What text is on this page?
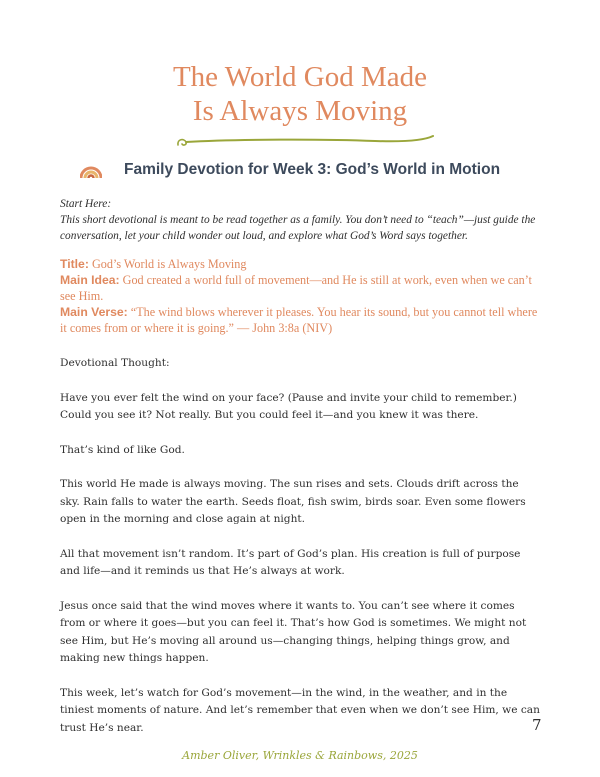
The World God Made
Is Always Moving
Family Devotion for Week 3: God’s World in Motion

Start Here:

This short devotional is meant to be read together as a family. You don’t need to “teach”—just guide the conversation, let your child wonder out loud, and explore what God’s Word says together.

Title: God’s World is Always Moving

Main Idea: God created a world full of movement—and He is still at work, even when we can’t see Him.

Main Verse: “The wind blows wherever it pleases. You hear its sound, but you cannot tell where it comes from or where it is going.” — John 3:8a (NIV)

Devotional Thought:

Have you ever felt the wind on your face? (Pause and invite your child to remember.) Could you see it? Not really. But you could feel it—and you knew it was there.

That’s kind of like God.

This world He made is always moving. The sun rises and sets. Clouds drift across the sky. Rain falls to water the earth. Seeds float, fish swim, birds soar. Even some flowers open in the morning and close again at night.

All that movement isn’t random. It’s part of God’s plan. His creation is full of purpose and life—and it reminds us that He’s always at work.

Jesus once said that the wind moves where it wants to. You can’t see where it comes from or where it goes—but you can feel it. That’s how God is sometimes. We might not see Him, but He’s moving all around us—changing things, helping things grow, and making new things happen.

This week, let’s watch for God’s movement—in the wind, in the weather, and in the tiniest moments of nature. And let’s remember that even when we don’t see Him, we can trust He’s near.	7
Amber Oliver, Wrinkles & Rainbows, 2025
